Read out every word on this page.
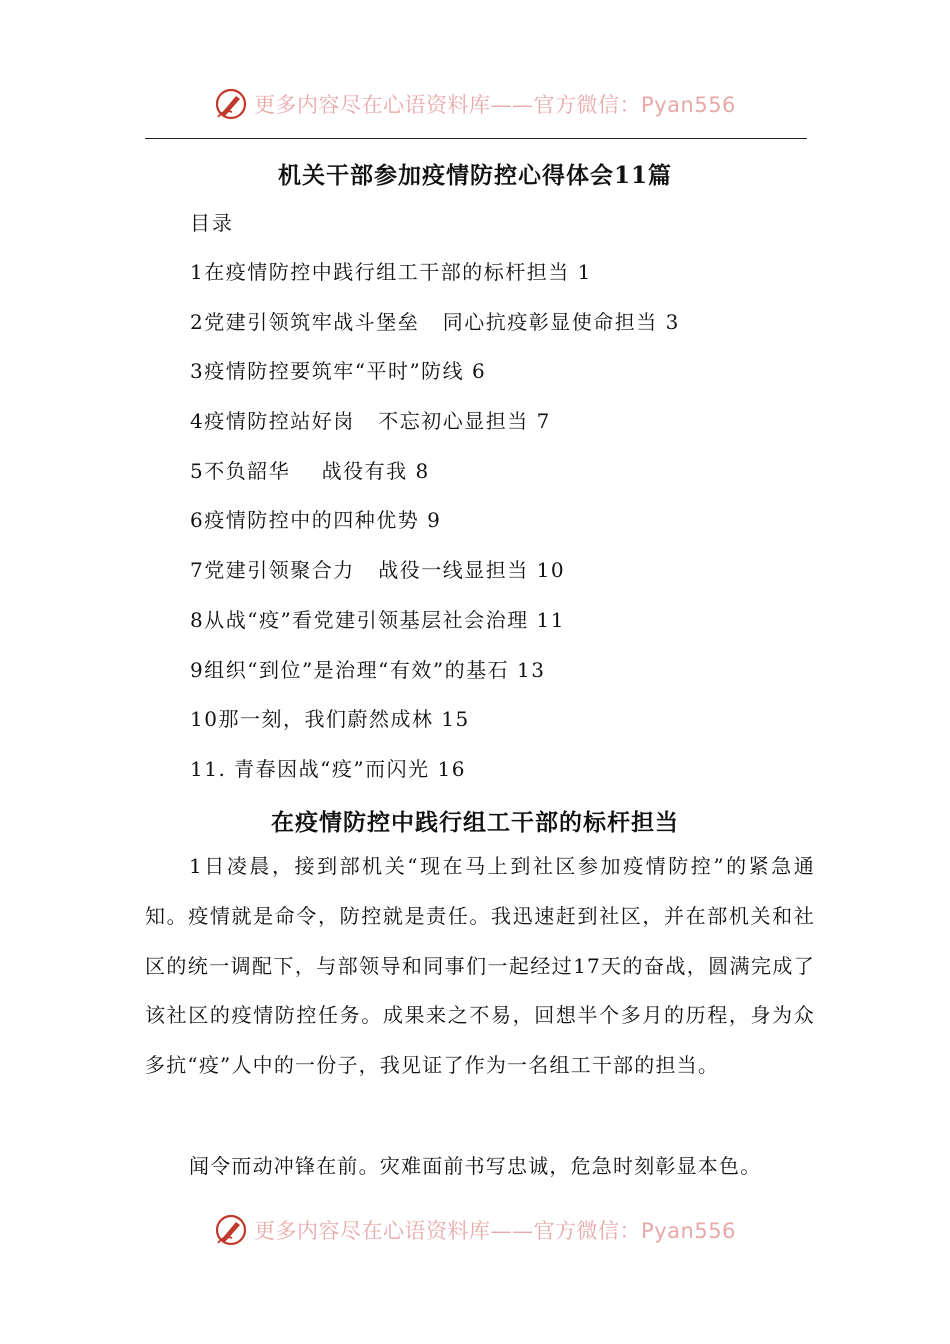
更多内容尽在心语资料库——官方微信：Pyan556
机关干部参加疫情防控心得体会11篇
目录
1在疫情防控中践行组工干部的标杆担当 1
2党建引领筑牢战斗堡垒   同心抗疫彰显使命担当 3
3疫情防控要筑牢“平时”防线 6
4疫情防控站好岗   不忘初心显担当 7
5不负韶华    战役有我 8
6疫情防控中的四种优势 9
7党建引领聚合力   战役一线显担当 10
8从战“疫”看党建引领基层社会治理 11
9组织“到位”是治理“有效”的基石 13
10那一刻，我们蔚然成林 15
11. 青春因战“疫”而闪光 16
在疫情防控中践行组工干部的标杆担当
1日凌晨，接到部机关“现在马上到社区参加疫情防控”的紧急通知。疫情就是命令，防控就是责任。我迅速赶到社区，并在部机关和社区的统一调配下，与部领导和同事们一起经过17天的奋战，圆满完成了该社区的疫情防控任务。成果来之不易，回想半个多月的历程，身为众多抗“疫”人中的一份子，我见证了作为一名组工干部的担当。
闻令而动冲锋在前。灾难面前书写忠诚，危急时刻彰显本色。
更多内容尽在心语资料库——官方微信：Pyan556
